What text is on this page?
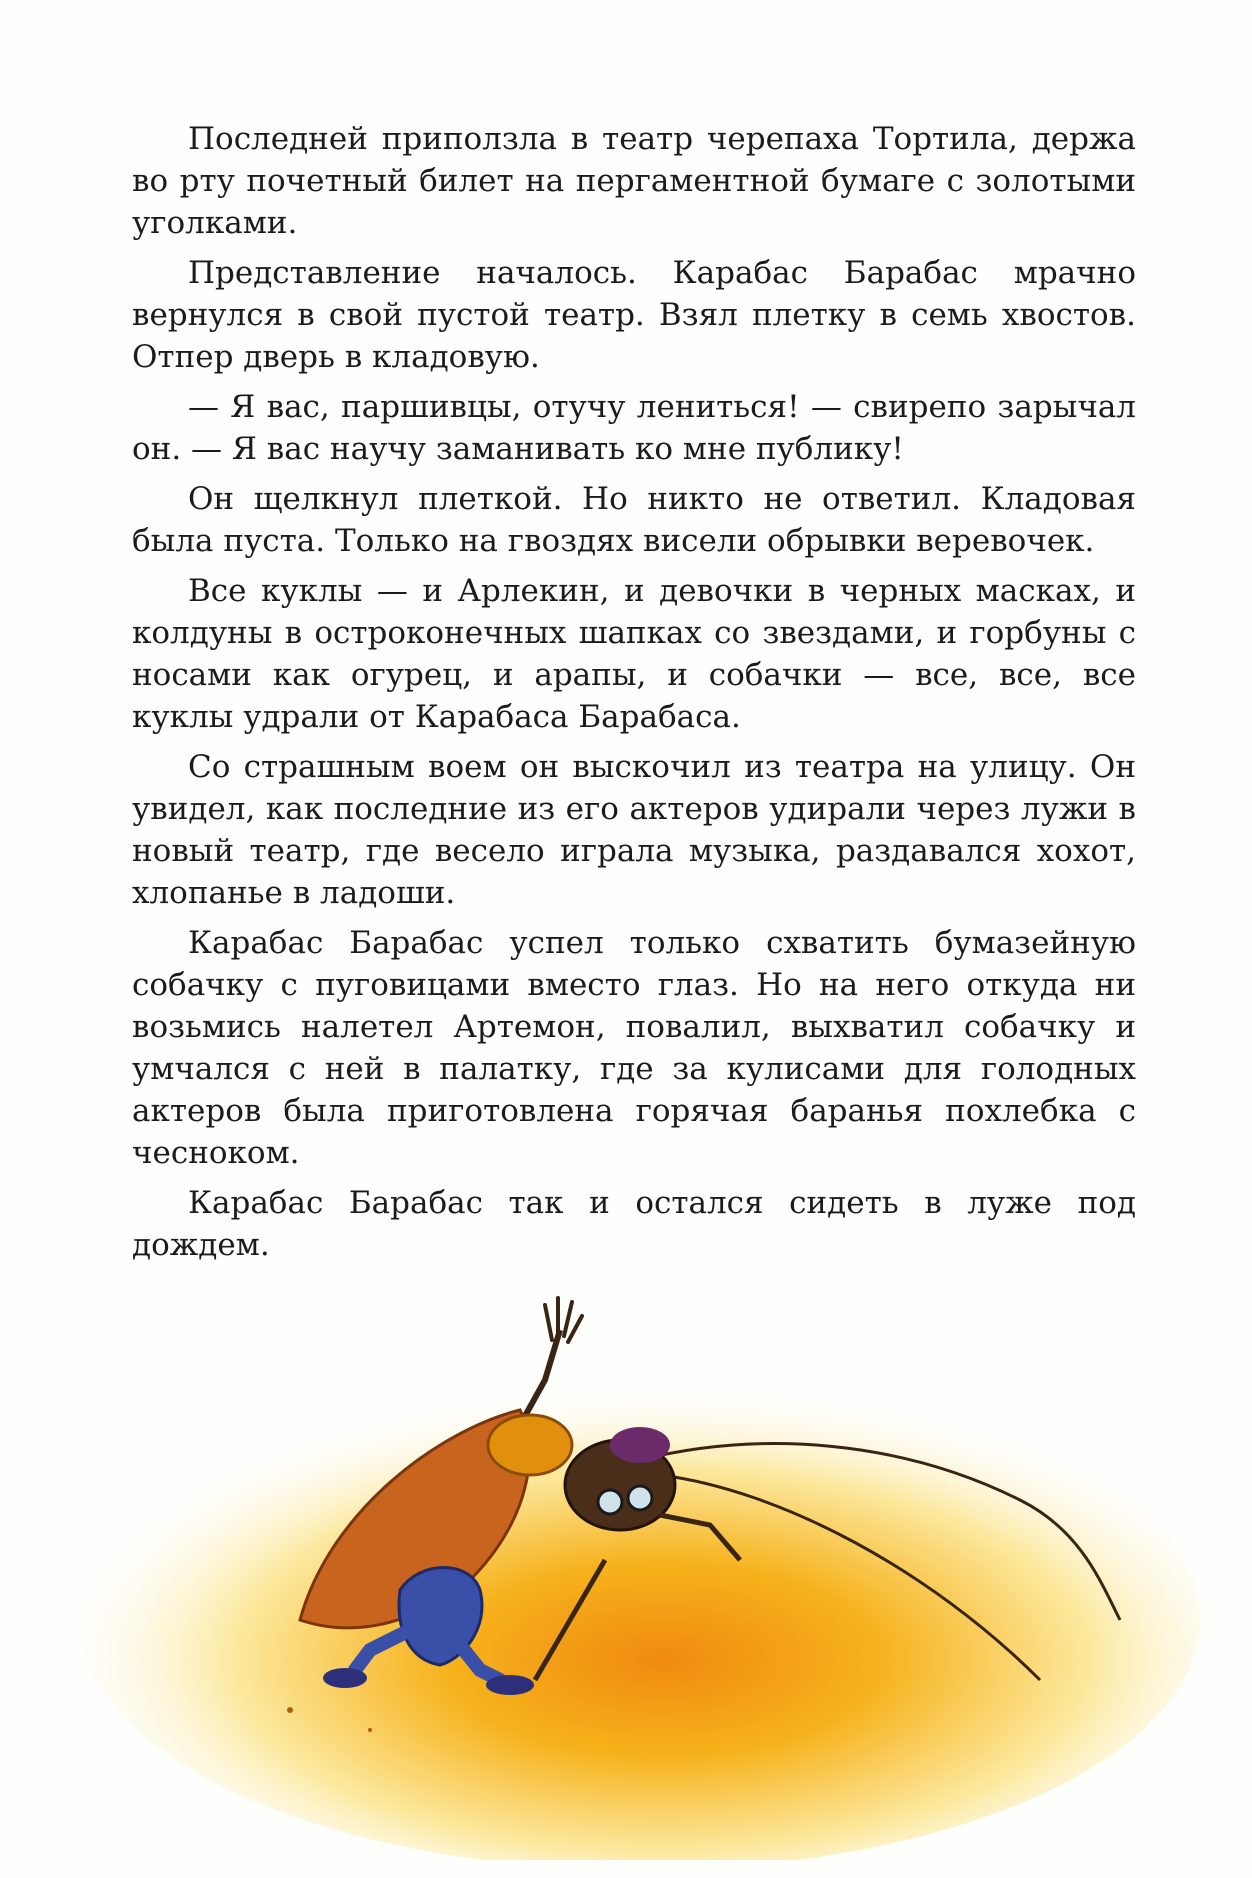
Последней приползла в театр черепаха Тортила, держа во рту почетный билет на пергаментной бумаге с золотыми уголками.

Представление началось. Карабас Барабас мрачно вернулся в свой пустой театр. Взял плетку в семь хвостов. Отпер дверь в кладовую.

— Я вас, паршивцы, отучу лениться! — свирепо зарычал он. — Я вас научу заманивать ко мне публику!

Он щелкнул плеткой. Но никто не ответил. Кладовая была пуста. Только на гвоздях висели обрывки веревочек.

Все куклы — и Арлекин, и девочки в черных масках, и колдуны в остроконечных шапках со звездами, и горбуны с носами как огурец, и арапы, и собачки — все, все, все куклы удрали от Карабаса Барабаса.

Со страшным воем он выскочил из театра на улицу. Он увидел, как последние из его актеров удирали через лужи в новый театр, где весело играла музыка, раздавался хохот, хлопанье в ладоши.

Карабас Барабас успел только схватить бумазейную собачку с пуговицами вместо глаз. Но на него откуда ни возьмись налетел Артемон, повалил, выхватил собачку и умчался с ней в палатку, где за кулисами для голодных актеров была приготовлена горячая баранья похлебка с чесноком.

Карабас Барабас так и остался сидеть в луже под дождем.
